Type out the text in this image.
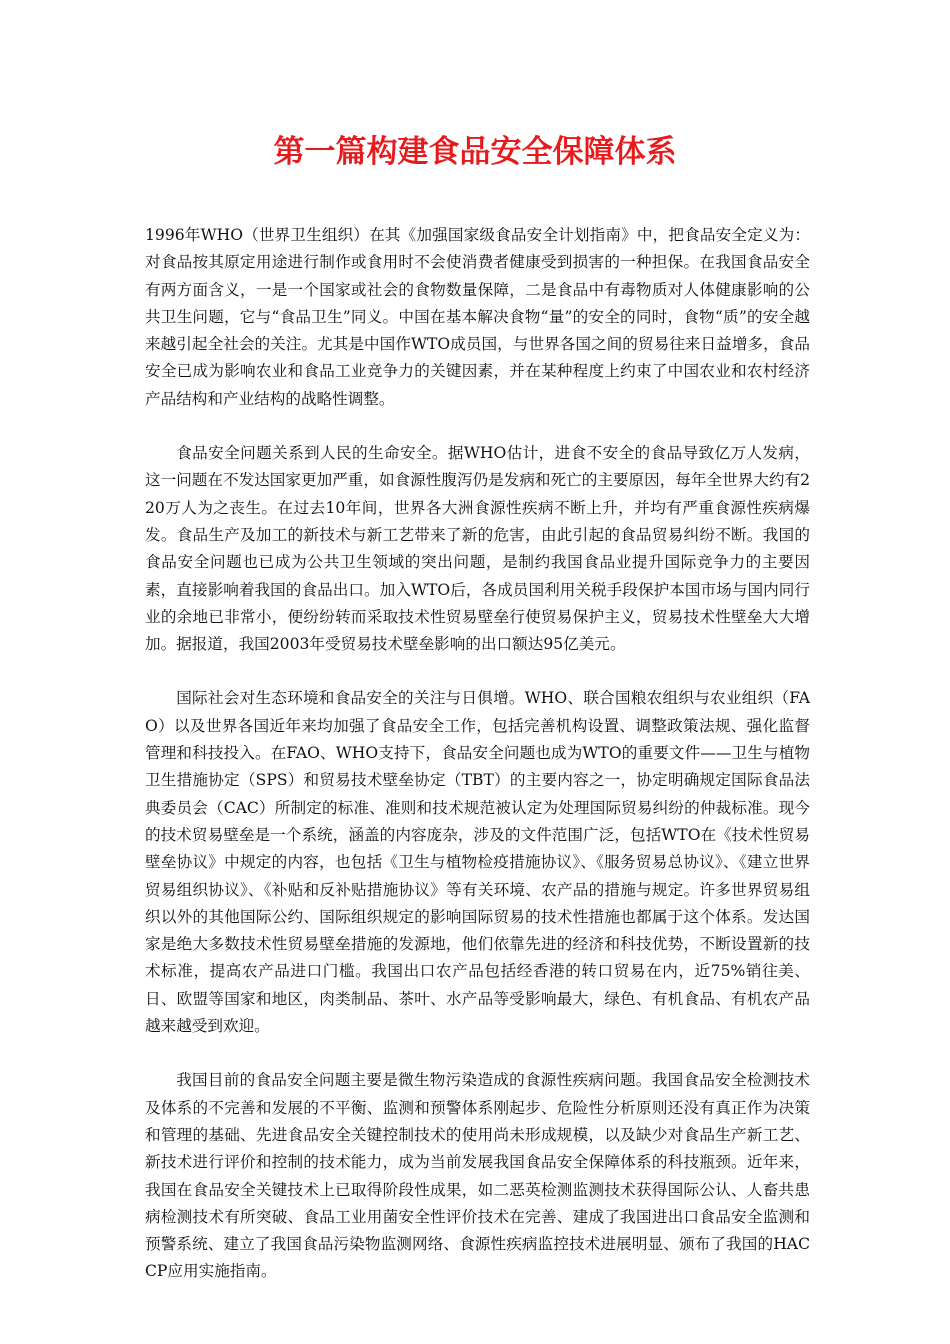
第一篇构建食品安全保障体系

1996年WHO（世界卫生组织）在其《加强国家级食品安全计划指南》中，把食品安全定义为：对食品按其原定用途进行制作或食用时不会使消费者健康受到损害的一种担保。在我国食品安全有两方面含义，一是一个国家或社会的食物数量保障，二是食品中有毒物质对人体健康影响的公共卫生问题，它与“食品卫生”同义。中国在基本解决食物“量”的安全的同时，食物“质”的安全越来越引起全社会的关注。尤其是中国作WTO成员国，与世界各国之间的贸易往来日益增多，食品安全已成为影响农业和食品工业竞争力的关键因素，并在某种程度上约束了中国农业和农村经济产品结构和产业结构的战略性调整。

食品安全问题关系到人民的生命安全。据WHO估计，进食不安全的食品导致亿万人发病，这一问题在不发达国家更加严重，如食源性腹泻仍是发病和死亡的主要原因，每年全世界大约有220万人为之丧生。在过去10年间，世界各大洲食源性疾病不断上升，并均有严重食源性疾病爆发。食品生产及加工的新技术与新工艺带来了新的危害，由此引起的食品贸易纠纷不断。我国的食品安全问题也已成为公共卫生领域的突出问题，是制约我国食品业提升国际竞争力的主要因素，直接影响着我国的食品出口。加入WTO后，各成员国利用关税手段保护本国市场与国内同行业的余地已非常小，便纷纷转而采取技术性贸易壁垒行使贸易保护主义，贸易技术性壁垒大大增加。据报道，我国2003年受贸易技术壁垒影响的出口额达95亿美元。

国际社会对生态环境和食品安全的关注与日俱增。WHO、联合国粮农组织与农业组织（FAO）以及世界各国近年来均加强了食品安全工作，包括完善机构设置、调整政策法规、强化监督管理和科技投入。在FAO、WHO支持下，食品安全问题也成为WTO的重要文件——卫生与植物卫生措施协定（SPS）和贸易技术壁垒协定（TBT）的主要内容之一，协定明确规定国际食品法典委员会（CAC）所制定的标准、准则和技术规范被认定为处理国际贸易纠纷的仲裁标准。现今的技术贸易壁垒是一个系统，涵盖的内容庞杂，涉及的文件范围广泛，包括WTO在《技术性贸易壁垒协议》中规定的内容，也包括《卫生与植物检疫措施协议》、《服务贸易总协议》、《建立世界贸易组织协议》、《补贴和反补贴措施协议》等有关环境、农产品的措施与规定。许多世界贸易组织以外的其他国际公约、国际组织规定的影响国际贸易的技术性措施也都属于这个体系。发达国家是绝大多数技术性贸易壁垒措施的发源地，他们依靠先进的经济和科技优势，不断设置新的技术标准，提高农产品进口门槛。我国出口农产品包括经香港的转口贸易在内，近75%销往美、日、欧盟等国家和地区，肉类制品、茶叶、水产品等受影响最大，绿色、有机食品、有机农产品越来越受到欢迎。

我国目前的食品安全问题主要是微生物污染造成的食源性疾病问题。我国食品安全检测技术及体系的不完善和发展的不平衡、监测和预警体系刚起步、危险性分析原则还没有真正作为决策和管理的基础、先进食品安全关键控制技术的使用尚未形成规模，以及缺少对食品生产新工艺、新技术进行评价和控制的技术能力，成为当前发展我国食品安全保障体系的科技瓶颈。近年来，我国在食品安全关键技术上已取得阶段性成果，如二恶英检测监测技术获得国际公认、人畜共患病检测技术有所突破、食品工业用菌安全性评价技术在完善、建成了我国进出口食品安全监测和预警系统、建立了我国食品污染物监测网络、食源性疾病监控技术进展明显、颁布了我国的HACCP应用实施指南。
